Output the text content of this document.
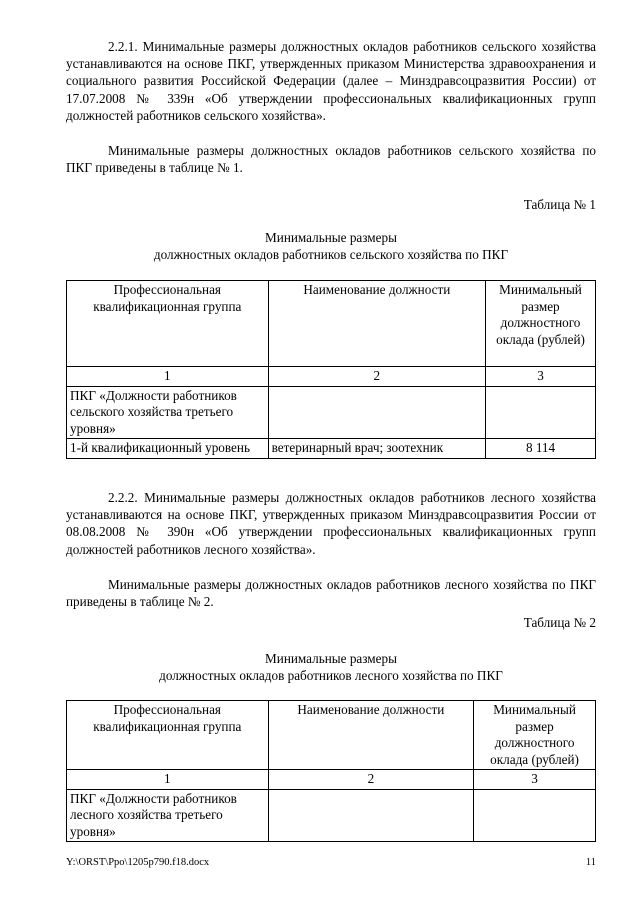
2.2.1. Минимальные размеры должностных окладов работников сельского хозяйства устанавливаются на основе ПКГ, утвержденных приказом Министерства здравоохранения и социального развития Российской Федерации (далее – Минздравсоцразвития России) от 17.07.2008 № 339н «Об утверждении профессиональных квалификационных групп должностей работников сельского хозяйства».

Минимальные размеры должностных окладов работников сельского хозяйства по ПКГ приведены в таблице № 1.

Таблица № 1
Минимальные размеры
должностных окладов работников сельского хозяйства по ПКГ
Профессиональная квалификационная группа	Наименование должности	Минимальный размер должностного оклада (рублей)
1	2	3
ПКГ «Должности работников сельского хозяйства третьего уровня»		
1-й квалификационный уровень	ветеринарный врач; зоотехник	8 114

2.2.2. Минимальные размеры должностных окладов работников лесного хозяйства устанавливаются на основе ПКГ, утвержденных приказом Минздравсоцразвития России от 08.08.2008 № 390н «Об утверждении профессиональных квалификационных групп должностей работников лесного хозяйства».

Минимальные размеры должностных окладов работников лесного хозяйства по ПКГ приведены в таблице № 2.

Таблица № 2
Минимальные размеры
должностных окладов работников лесного хозяйства по ПКГ
Профессиональная квалификационная группа	Наименование должности	Минимальный размер должностного оклада (рублей)
1	2	3
ПКГ «Должности работников лесного хозяйства третьего уровня»		
Y:\ORST\Ppo\1205p790.f18.docx	11
